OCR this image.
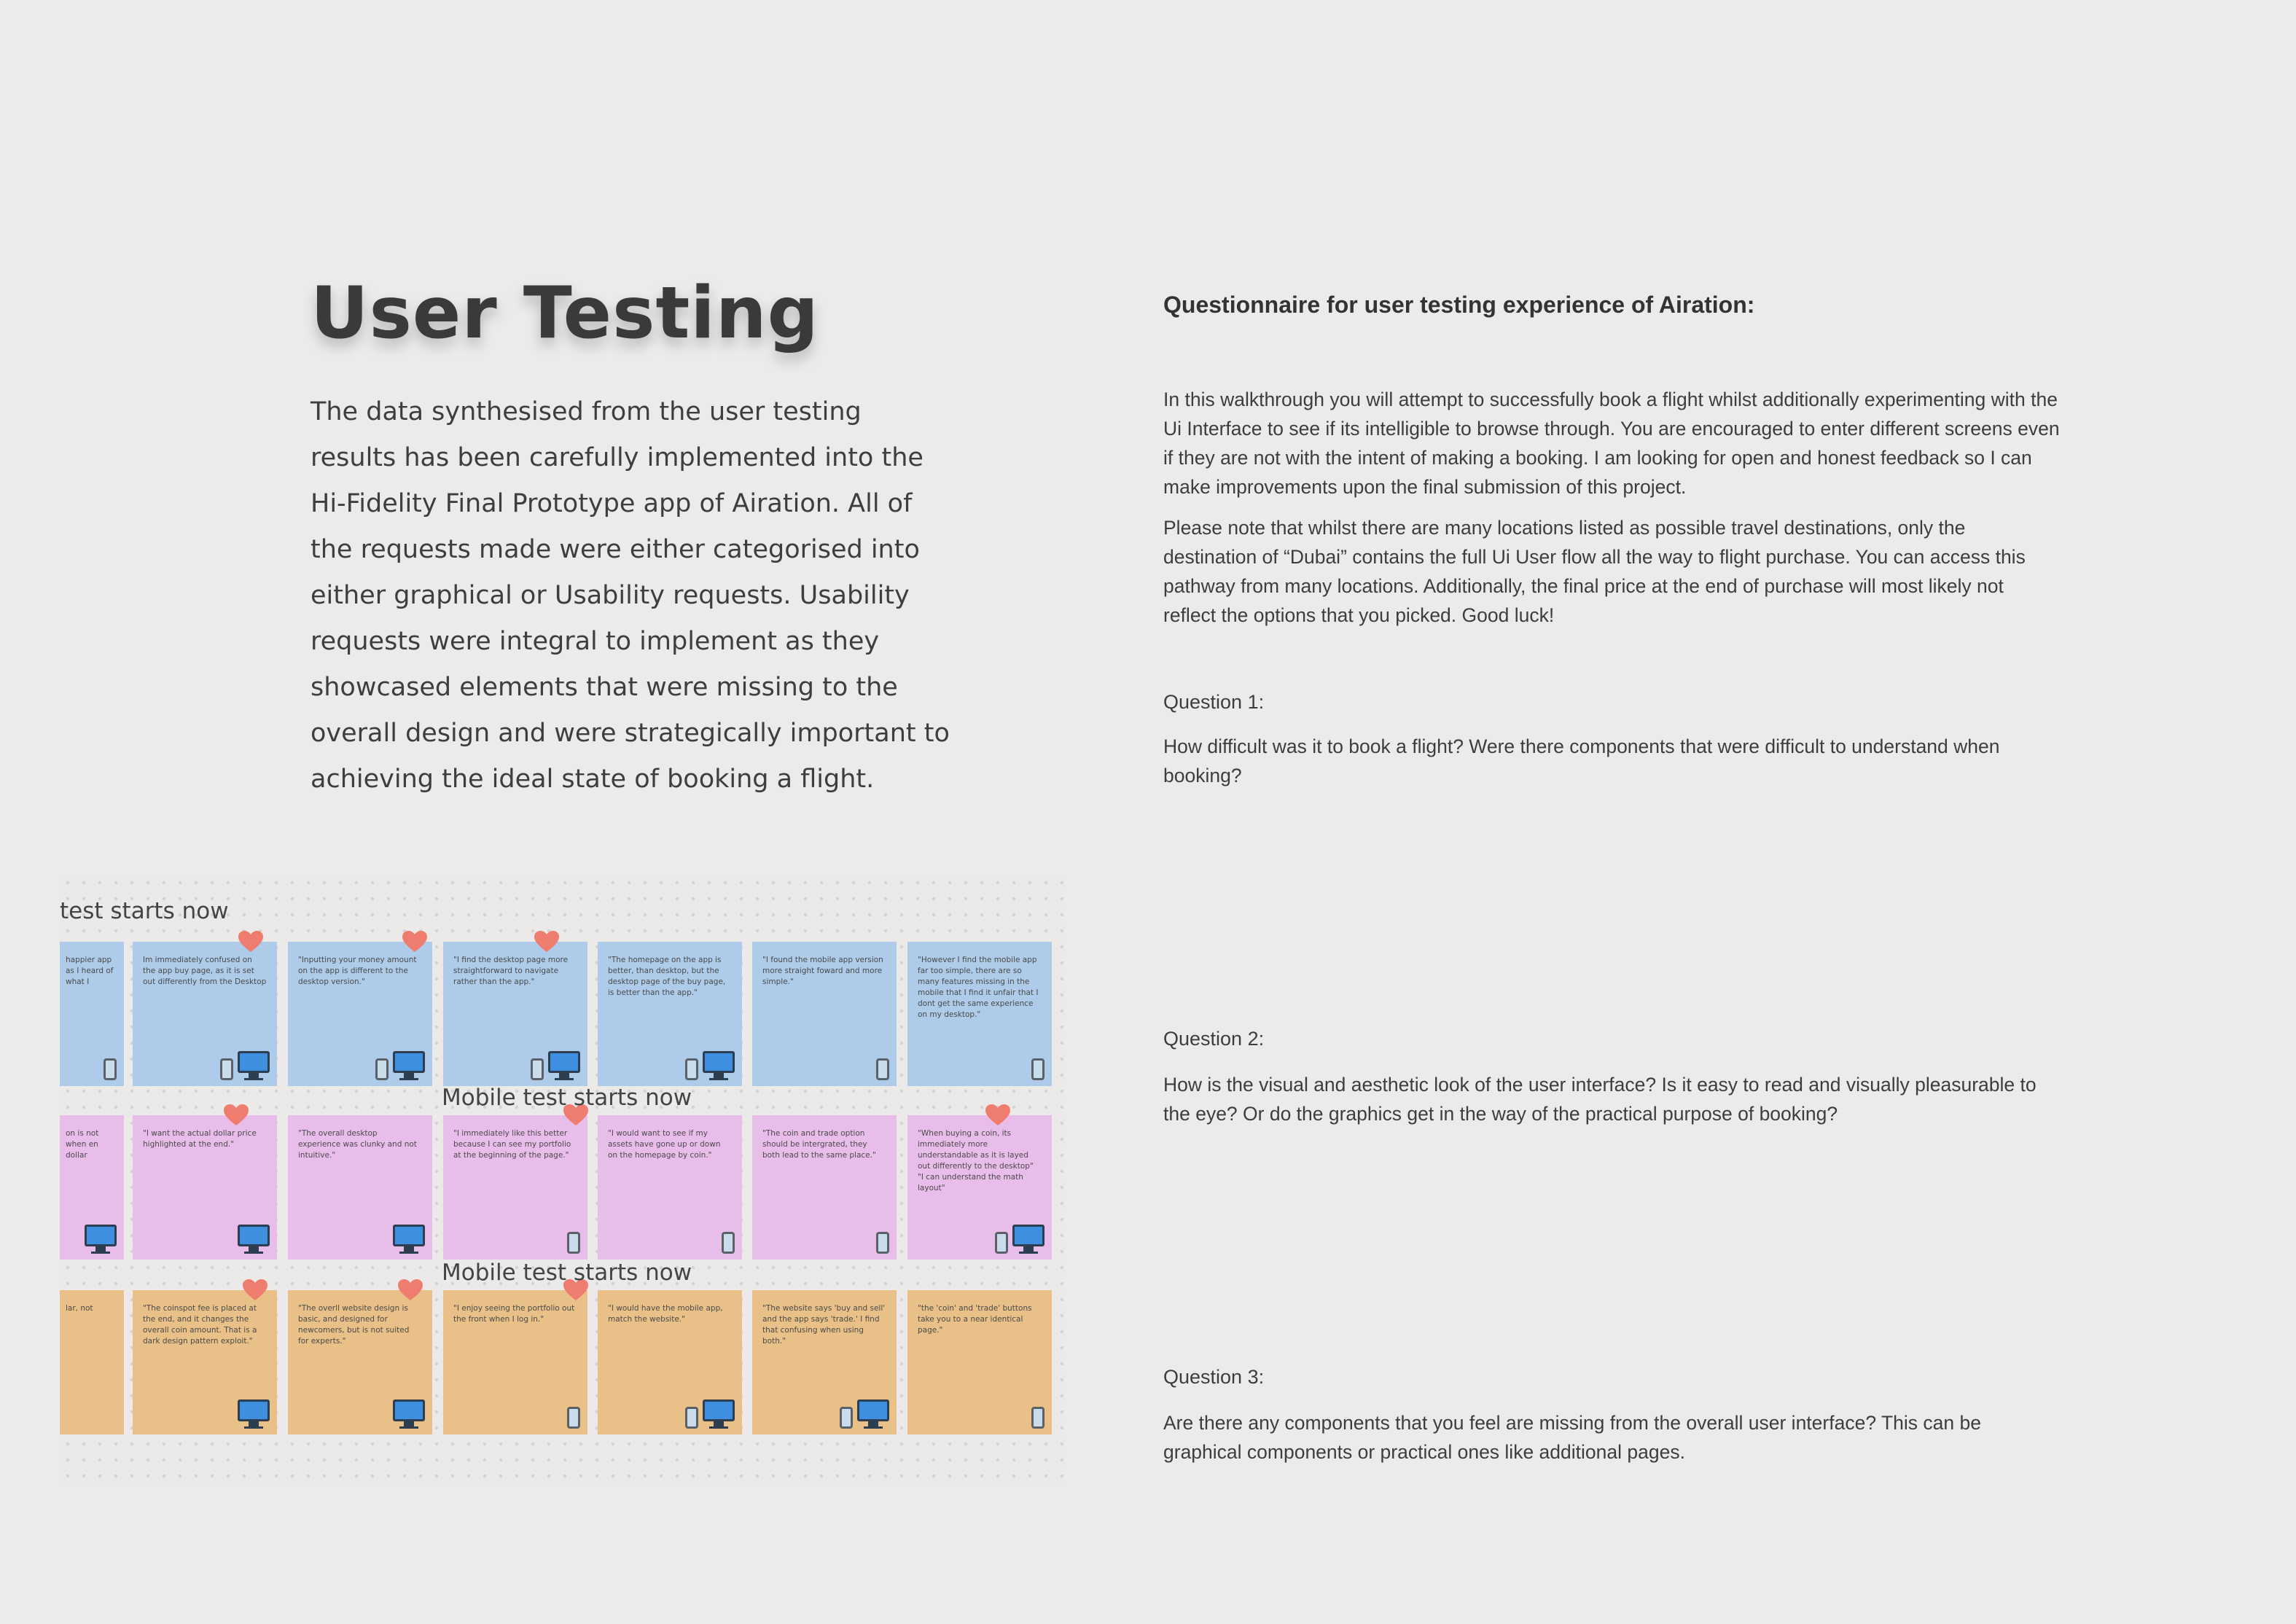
User Testing

The data synthesised from the user testing results has been carefully implemented into the Hi-Fidelity Final Prototype app of Airation. All of the requests made were either categorised into either graphical or Usability requests. Usability requests were integral to implement as they showcased elements that were missing to the overall design and were strategically important to achieving the ideal state of booking a flight.

Questionnaire for user testing experience of Airation:

In this walkthrough you will attempt to successfully book a flight whilst additionally experimenting with the Ui Interface to see if its intelligible to browse through. You are encouraged to enter different screens even if they are not with the intent of making a booking. I am looking for open and honest feedback so I can make improvements upon the final submission of this project.

Please note that whilst there are many locations listed as possible travel destinations, only the destination of “Dubai” contains the full Ui User flow all the way to flight purchase. You can access this pathway from many locations. Additionally, the final price at the end of purchase will most likely not reflect the options that you picked. Good luck!

Question 1:

How difficult was it to book a flight? Were there components that were difficult to understand when booking?

Question 2:

How is the visual and aesthetic look of the user interface? Is it easy to read and visually pleasurable to the eye? Or do the graphics get in the way of the practical purpose of booking?

Question 3:

Are there any components that you feel are missing from the overall user interface? This can be graphical components or practical ones like additional pages.

happier app as I heard of what I
Im immediately confused on the app buy page, as it is set out differently from the Desktop
"Inputting your money amount on the app is different to the desktop version."
"I find the desktop page more straightforward to navigate rather than the app."
"The homepage on the app is better, than desktop, but the desktop page of the buy page, is better than the app."
"I found the mobile app version more straight foward and more simple."
"However I find the mobile app far too simple, there are so many features missing in the mobile that I find it unfair that I dont get the same experience on my desktop."
on is not when en dollar
"I want the actual dollar price highlighted at the end."
"The overall desktop experience was clunky and not intuitive."
"I immediately like this better because I can see my portfolio at the beginning of the page."
"I would want to see if my assets have gone up or down on the homepage by coin."
"The coin and trade option should be intergrated, they both lead to the same place."
"When buying a coin, its immediately more understandable as it is layed out differently to the desktop" "I can understand the math layout"
lar, not	"The coinspot fee is placed at the end, and it changes the overall coin amount. That is a dark design pattern exploit."
"The overll website design is basic, and designed for newcomers, but is not suited for experts."
"I enjoy seeing the portfolio out the front when I log in."
"I would have the mobile app, match the website."
"The website says 'buy and sell' and the app says 'trade.' I find that confusing when using both."
"the 'coin' and 'trade' buttons take you to a near identical page."
test starts now
Mobile test starts now
Mobile test starts now
